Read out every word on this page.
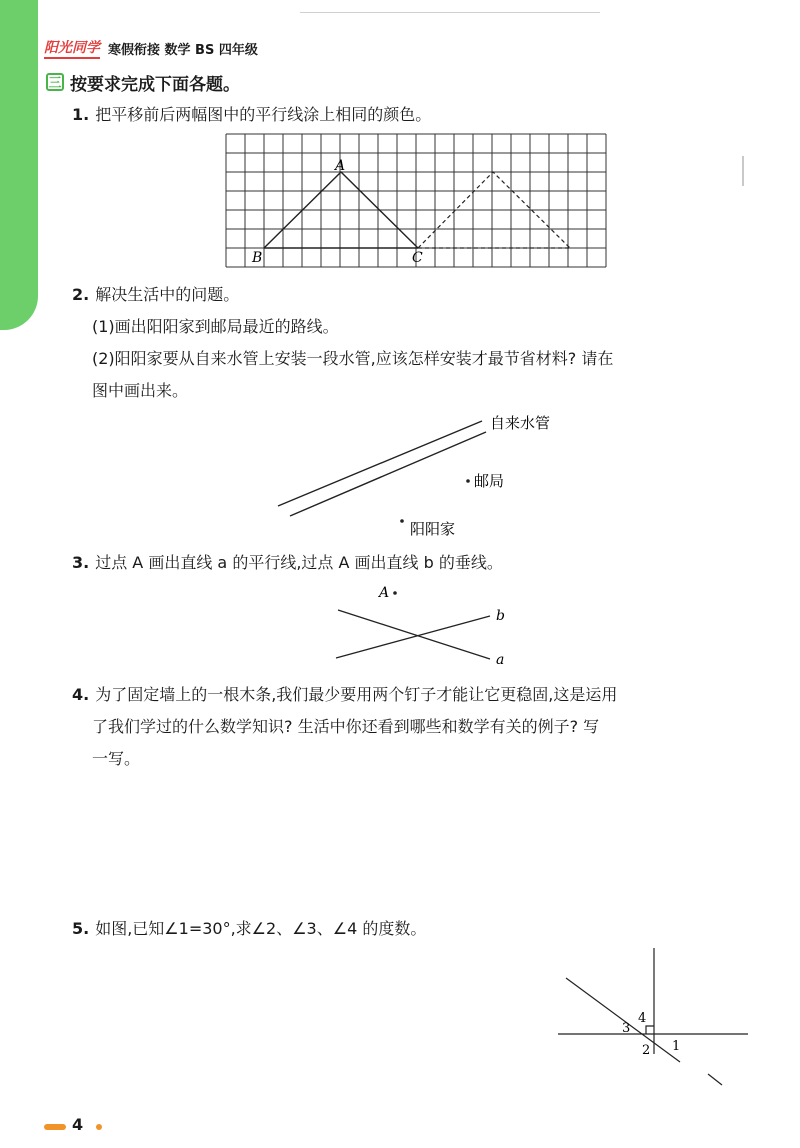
阳光同学 寒假衔接 数学 BS 四年级
三 按要求完成下面各题。
1. 把平移前后两幅图中的平行线涂上相同的颜色。
2. 解决生活中的问题。
(1)画出阳阳家到邮局最近的路线。
(2)阳阳家要从自来水管上安装一段水管,应该怎样安装才最节省材料? 请在
图中画出来。
3. 过点 A 画出直线 a 的平行线,过点 A 画出直线 b 的垂线。
4. 为了固定墙上的一根木条,我们最少要用两个钉子才能让它更稳固,这是运用
了我们学过的什么数学知识? 生活中你还看到哪些和数学有关的例子? 写
一写。
5. 如图,已知∠1=30°,求∠2、∠3、∠4 的度数。
A
B	C
自来水管
邮局
阳阳家
A
b
a
4
3
2 1
4
